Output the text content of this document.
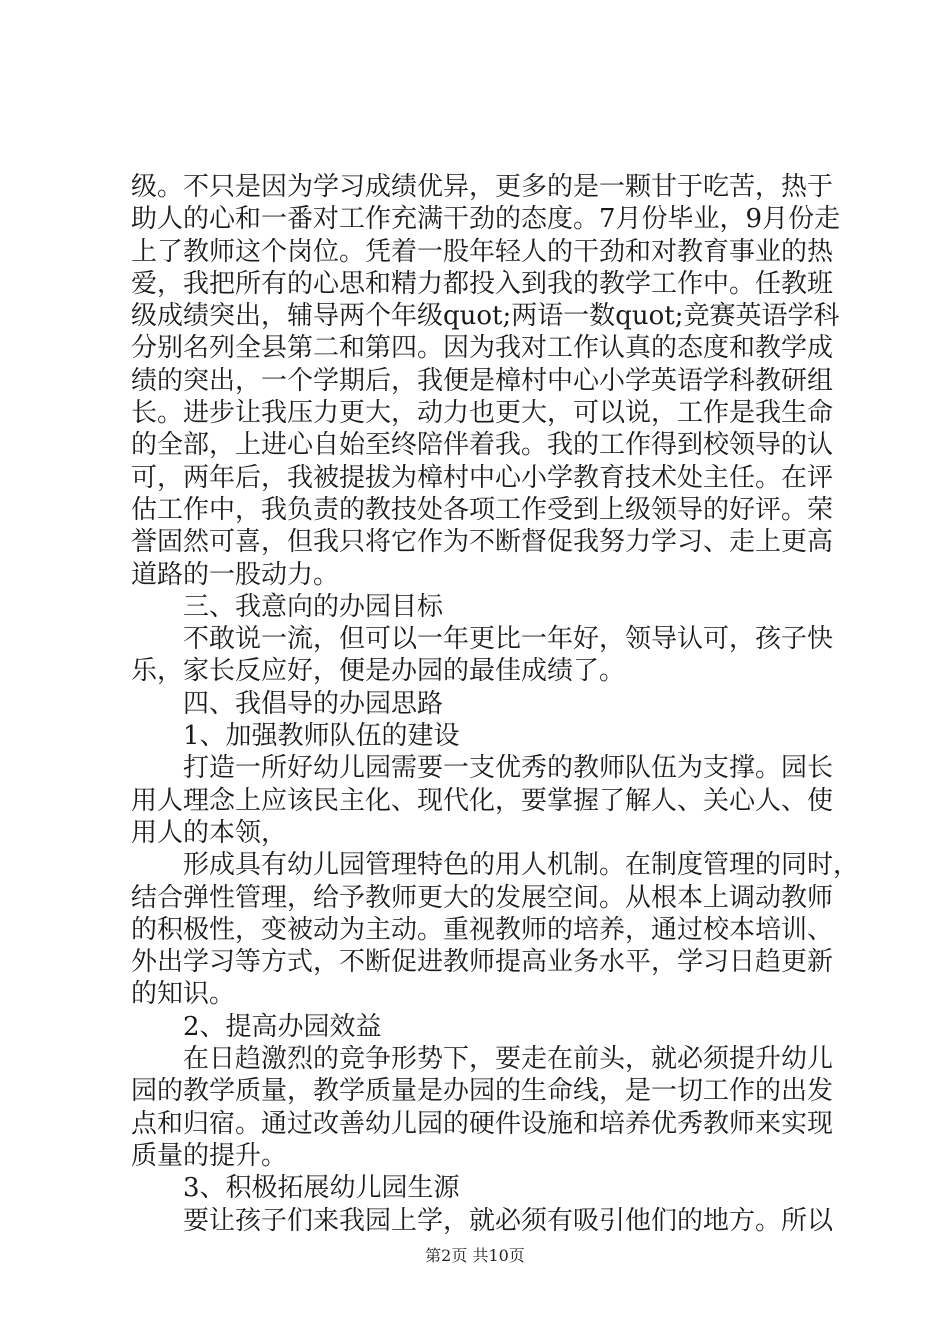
级。不只是因为学习成绩优异，更多的是一颗甘于吃苦，热于
助人的心和一番对工作充满干劲的态度。7月份毕业，9月份走
上了教师这个岗位。凭着一股年轻人的干劲和对教育事业的热
爱，我把所有的心思和精力都投入到我的教学工作中。任教班
级成绩突出，辅导两个年级quot;两语一数quot;竞赛英语学科
分别名列全县第二和第四。因为我对工作认真的态度和教学成
绩的突出，一个学期后，我便是樟村中心小学英语学科教研组
长。进步让我压力更大，动力也更大，可以说，工作是我生命
的全部，上进心自始至终陪伴着我。我的工作得到校领导的认
可，两年后，我被提拔为樟村中心小学教育技术处主任。在评
估工作中，我负责的教技处各项工作受到上级领导的好评。荣
誉固然可喜，但我只将它作为不断督促我努力学习、走上更高
道路的一股动力。
　　三、我意向的办园目标
　　不敢说一流，但可以一年更比一年好，领导认可，孩子快
乐，家长反应好，便是办园的最佳成绩了。
　　四、我倡导的办园思路
　　1、加强教师队伍的建设
　　打造一所好幼儿园需要一支优秀的教师队伍为支撑。园长
用人理念上应该民主化、现代化，要掌握了解人、关心人、使
用人的本领，
　　形成具有幼儿园管理特色的用人机制。在制度管理的同时，
结合弹性管理，给予教师更大的发展空间。从根本上调动教师
的积极性，变被动为主动。重视教师的培养，通过校本培训、
外出学习等方式，不断促进教师提高业务水平，学习日趋更新
的知识。
　　2、提高办园效益
　　在日趋激烈的竞争形势下，要走在前头，就必须提升幼儿
园的教学质量，教学质量是办园的生命线，是一切工作的出发
点和归宿。通过改善幼儿园的硬件设施和培养优秀教师来实现
质量的提升。
　　3、积极拓展幼儿园生源
　　要让孩子们来我园上学，就必须有吸引他们的地方。所以
第2页 共10页
